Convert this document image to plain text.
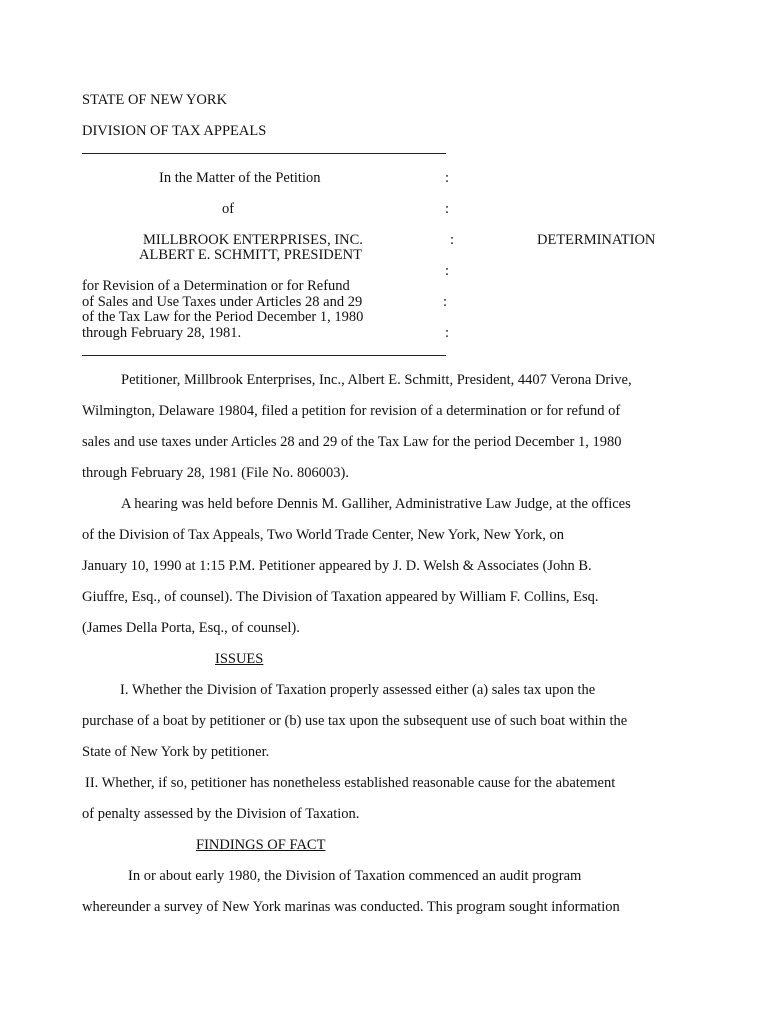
STATE OF NEW YORK
DIVISION OF TAX APPEALS
In the Matter of the Petition
of
MILLBROOK ENTERPRISES, INC.
ALBERT E. SCHMITT, PRESIDENT
for Revision of a Determination or for Refund
of Sales and Use Taxes under Articles 28 and 29
of the Tax Law for the Period December 1, 1980
through February 28, 1981.
:
:
:
:
:
:
DETERMINATION
Petitioner, Millbrook Enterprises, Inc., Albert E. Schmitt, President, 4407 Verona Drive,
Wilmington, Delaware 19804, filed a petition for revision of a determination or for refund of
sales and use taxes under Articles 28 and 29 of the Tax Law for the period December 1, 1980
through February 28, 1981 (File No. 806003).
A hearing was held before Dennis M. Galliher, Administrative Law Judge, at the offices
of the Division of Tax Appeals, Two World Trade Center, New York, New York, on
January 10, 1990 at 1:15 P.M. Petitioner appeared by J. D. Welsh & Associates (John B.
Giuffre, Esq., of counsel). The Division of Taxation appeared by William F. Collins, Esq.
(James Della Porta, Esq., of counsel).
ISSUES
I. Whether the Division of Taxation properly assessed either (a) sales tax upon the
purchase of a boat by petitioner or (b) use tax upon the subsequent use of such boat within the
State of New York by petitioner.
II. Whether, if so, petitioner has nonetheless established reasonable cause for the abatement
of penalty assessed by the Division of Taxation.
FINDINGS OF FACT
In or about early 1980, the Division of Taxation commenced an audit program
whereunder a survey of New York marinas was conducted. This program sought information
